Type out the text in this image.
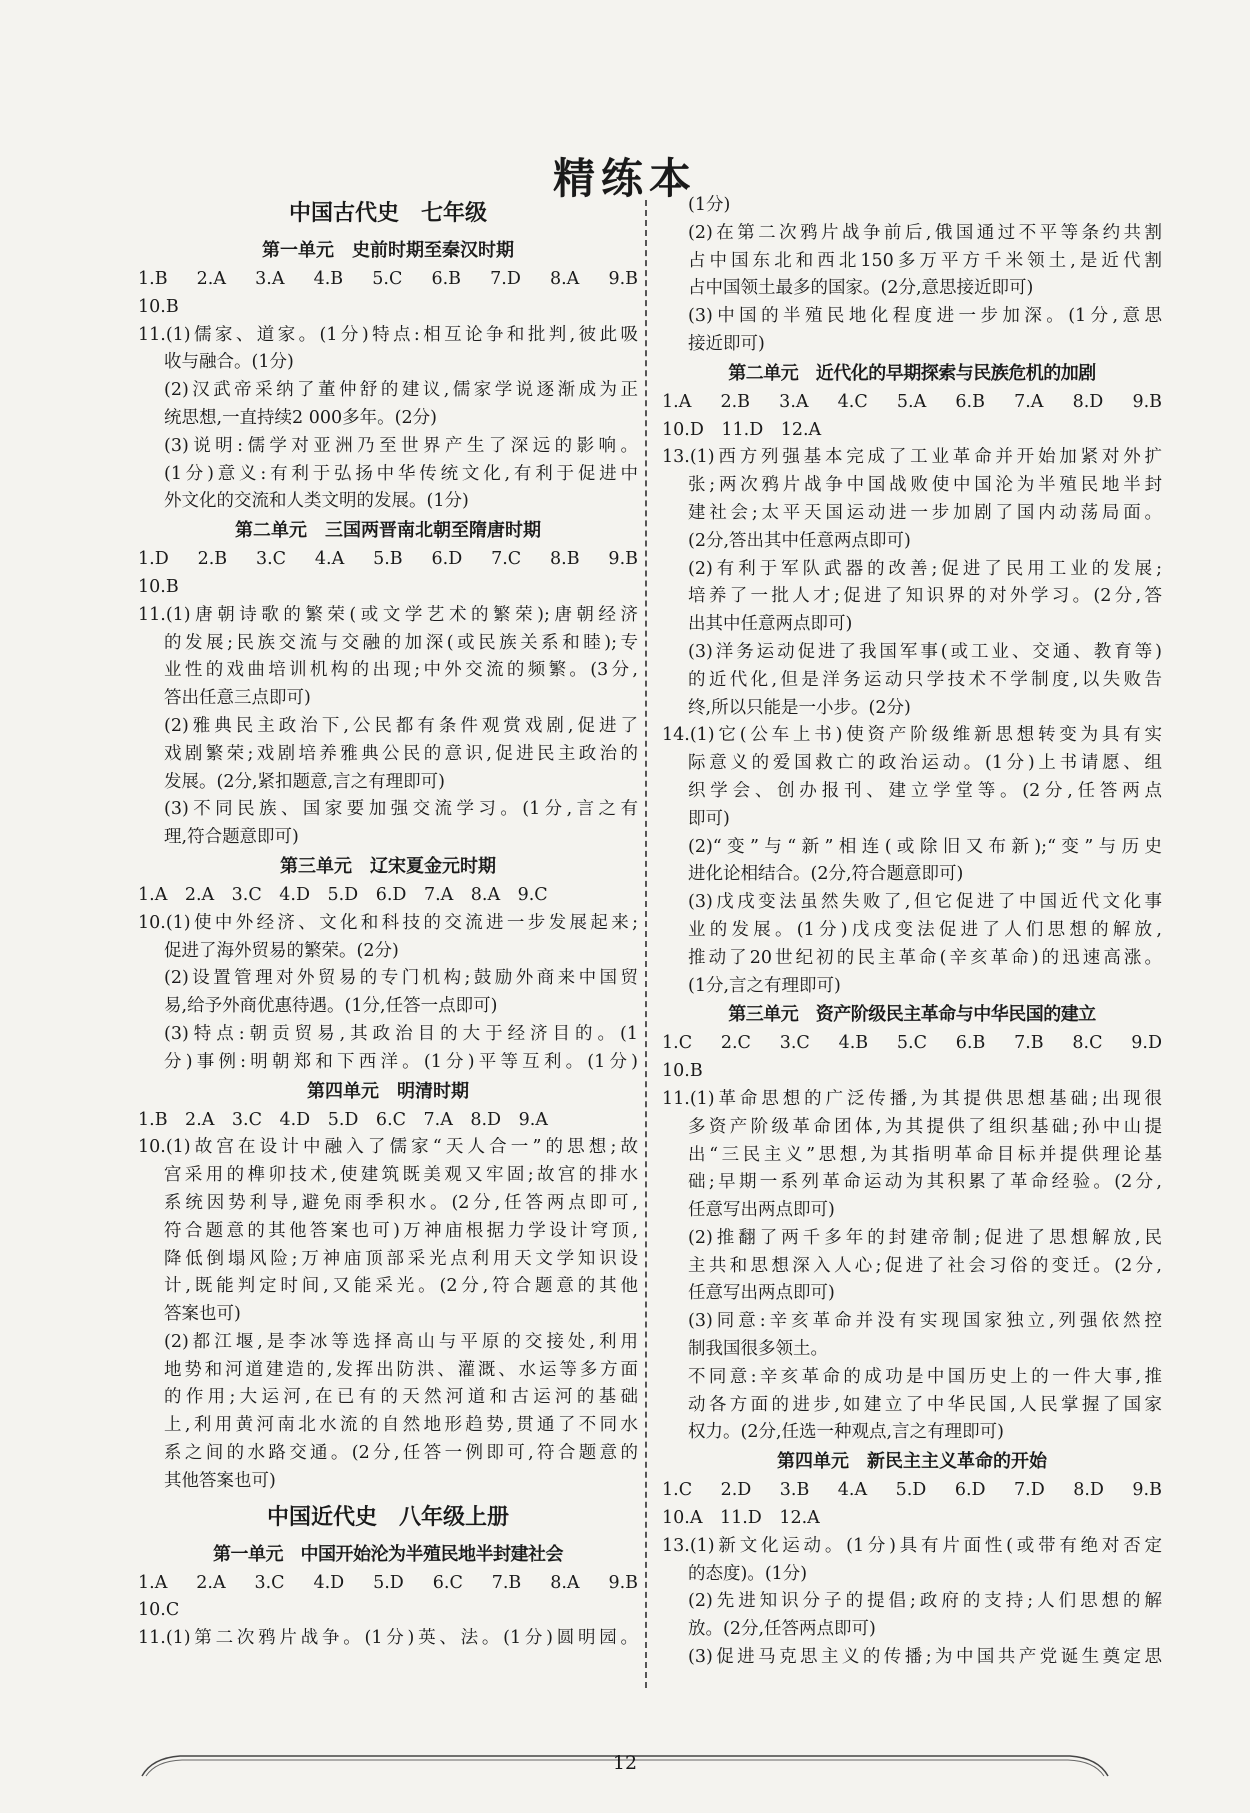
精练本
中国古代史　七年级
第一单元　史前时期至秦汉时期
1.B　2.A　3.A　4.B　5.C　6.B　7.D　8.A　9.B
10.B
11.(1)儒家、道家。(1分)特点:相互论争和批判,彼此吸
收与融合。(1分)
(2)汉武帝采纳了董仲舒的建议,儒家学说逐渐成为正
统思想,一直持续2 000多年。(2分)
(3)说明:儒学对亚洲乃至世界产生了深远的影响。
(1分)意义:有利于弘扬中华传统文化,有利于促进中
外文化的交流和人类文明的发展。(1分)
第二单元　三国两晋南北朝至隋唐时期
1.D　2.B　3.C　4.A　5.B　6.D　7.C　8.B　9.B
10.B
11.(1)唐朝诗歌的繁荣(或文学艺术的繁荣);唐朝经济
的发展;民族交流与交融的加深(或民族关系和睦);专
业性的戏曲培训机构的出现;中外交流的频繁。(3分,
答出任意三点即可)
(2)雅典民主政治下,公民都有条件观赏戏剧,促进了
戏剧繁荣;戏剧培养雅典公民的意识,促进民主政治的
发展。(2分,紧扣题意,言之有理即可)
(3)不同民族、国家要加强交流学习。(1分,言之有
理,符合题意即可)
第三单元　辽宋夏金元时期
1.A　2.A　3.C　4.D　5.D　6.D　7.A　8.A　9.C
10.(1)使中外经济、文化和科技的交流进一步发展起来;
促进了海外贸易的繁荣。(2分)
(2)设置管理对外贸易的专门机构;鼓励外商来中国贸
易,给予外商优惠待遇。(1分,任答一点即可)
(3)特点:朝贡贸易,其政治目的大于经济目的。(1
分)事例:明朝郑和下西洋。(1分)平等互利。(1分)
第四单元　明清时期
1.B　2.A　3.C　4.D　5.D　6.C　7.A　8.D　9.A
10.(1)故宫在设计中融入了儒家“天人合一”的思想;故
宫采用的榫卯技术,使建筑既美观又牢固;故宫的排水
系统因势利导,避免雨季积水。(2分,任答两点即可,
符合题意的其他答案也可)万神庙根据力学设计穹顶,
降低倒塌风险;万神庙顶部采光点利用天文学知识设
计,既能判定时间,又能采光。(2分,符合题意的其他
答案也可)
(2)都江堰,是李冰等选择高山与平原的交接处,利用
地势和河道建造的,发挥出防洪、灌溉、水运等多方面
的作用;大运河,在已有的天然河道和古运河的基础
上,利用黄河南北水流的自然地形趋势,贯通了不同水
系之间的水路交通。(2分,任答一例即可,符合题意的
其他答案也可)
中国近代史　八年级上册
第一单元　中国开始沦为半殖民地半封建社会
1.A　2.A　3.C　4.D　5.D　6.C　7.B　8.A　9.B
10.C
11.(1)第二次鸦片战争。(1分)英、法。(1分)圆明园。
(1分)
(2)在第二次鸦片战争前后,俄国通过不平等条约共割
占中国东北和西北150多万平方千米领土,是近代割
占中国领土最多的国家。(2分,意思接近即可)
(3)中国的半殖民地化程度进一步加深。(1分,意思
接近即可)
第二单元　近代化的早期探索与民族危机的加剧
1.A　2.B　3.A　4.C　5.A　6.B　7.A　8.D　9.B
10.D　11.D　12.A
13.(1)西方列强基本完成了工业革命并开始加紧对外扩
张;两次鸦片战争中国战败使中国沦为半殖民地半封
建社会;太平天国运动进一步加剧了国内动荡局面。
(2分,答出其中任意两点即可)
(2)有利于军队武器的改善;促进了民用工业的发展;
培养了一批人才;促进了知识界的对外学习。(2分,答
出其中任意两点即可)
(3)洋务运动促进了我国军事(或工业、交通、教育等)
的近代化,但是洋务运动只学技术不学制度,以失败告
终,所以只能是一小步。(2分)
14.(1)它(公车上书)使资产阶级维新思想转变为具有实
际意义的爱国救亡的政治运动。(1分)上书请愿、组
织学会、创办报刊、建立学堂等。(2分,任答两点
即可)
(2)“变”与“新”相连(或除旧又布新);“变”与历史
进化论相结合。(2分,符合题意即可)
(3)戊戌变法虽然失败了,但它促进了中国近代文化事
业的发展。(1分)戊戌变法促进了人们思想的解放,
推动了20世纪初的民主革命(辛亥革命)的迅速高涨。
(1分,言之有理即可)
第三单元　资产阶级民主革命与中华民国的建立
1.C　2.C　3.C　4.B　5.C　6.B　7.B　8.C　9.D
10.B
11.(1)革命思想的广泛传播,为其提供思想基础;出现很
多资产阶级革命团体,为其提供了组织基础;孙中山提
出“三民主义”思想,为其指明革命目标并提供理论基
础;早期一系列革命运动为其积累了革命经验。(2分,
任意写出两点即可)
(2)推翻了两千多年的封建帝制;促进了思想解放,民
主共和思想深入人心;促进了社会习俗的变迁。(2分,
任意写出两点即可)
(3)同意:辛亥革命并没有实现国家独立,列强依然控
制我国很多领土。
不同意:辛亥革命的成功是中国历史上的一件大事,推
动各方面的进步,如建立了中华民国,人民掌握了国家
权力。(2分,任选一种观点,言之有理即可)
第四单元　新民主主义革命的开始
1.C　2.D　3.B　4.A　5.D　6.D　7.D　8.D　9.B
10.A　11.D　12.A
13.(1)新文化运动。(1分)具有片面性(或带有绝对否定
的态度)。(1分)
(2)先进知识分子的提倡;政府的支持;人们思想的解
放。(2分,任答两点即可)
(3)促进马克思主义的传播;为中国共产党诞生奠定思
12
